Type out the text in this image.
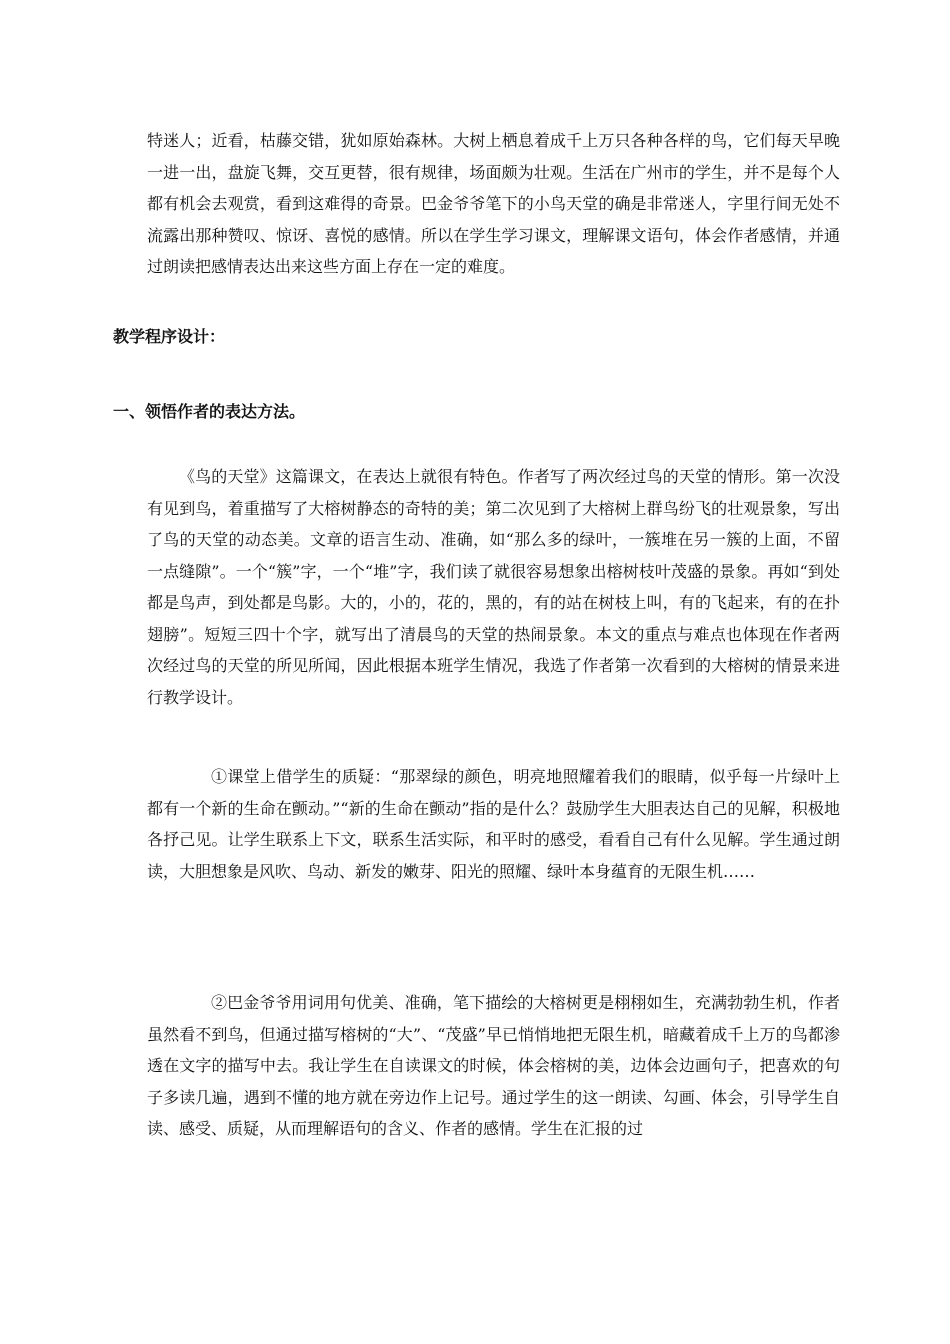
特迷人；近看，枯藤交错，犹如原始森林。大树上栖息着成千上万只各种各样的鸟，它们每天早晚一进一出，盘旋飞舞，交互更替，很有规律，场面颇为壮观。生活在广州市的学生，并不是每个人都有机会去观赏，看到这难得的奇景。巴金爷爷笔下的小鸟天堂的确是非常迷人，字里行间无处不流露出那种赞叹、惊讶、喜悦的感情。所以在学生学习课文，理解课文语句，体会作者感情，并通过朗读把感情表达出来这些方面上存在一定的难度。

教学程序设计：

一、领悟作者的表达方法。

《鸟的天堂》这篇课文，在表达上就很有特色。作者写了两次经过鸟的天堂的情形。第一次没有见到鸟，着重描写了大榕树静态的奇特的美；第二次见到了大榕树上群鸟纷飞的壮观景象，写出了鸟的天堂的动态美。文章的语言生动、准确，如“那么多的绿叶，一簇堆在另一簇的上面，不留一点缝隙”。一个“簇”字，一个“堆”字，我们读了就很容易想象出榕树枝叶茂盛的景象。再如“到处都是鸟声，到处都是鸟影。大的，小的，花的，黑的，有的站在树枝上叫，有的飞起来，有的在扑翅膀”。短短三四十个字，就写出了清晨鸟的天堂的热闹景象。本文的重点与难点也体现在作者两次经过鸟的天堂的所见所闻，因此根据本班学生情况，我选了作者第一次看到的大榕树的情景来进行教学设计。

①课堂上借学生的质疑：“那翠绿的颜色，明亮地照耀着我们的眼睛，似乎每一片绿叶上都有一个新的生命在颤动。”“新的生命在颤动”指的是什么？鼓励学生大胆表达自己的见解，积极地各抒己见。让学生联系上下文，联系生活实际，和平时的感受，看看自己有什么见解。学生通过朗读，大胆想象是风吹、鸟动、新发的嫩芽、阳光的照耀、绿叶本身蕴育的无限生机……

②巴金爷爷用词用句优美、准确，笔下描绘的大榕树更是栩栩如生，充满勃勃生机，作者虽然看不到鸟，但通过描写榕树的“大”、“茂盛”早已悄悄地把无限生机，暗藏着成千上万的鸟都渗透在文字的描写中去。我让学生在自读课文的时候，体会榕树的美，边体会边画句子，把喜欢的句子多读几遍，遇到不懂的地方就在旁边作上记号。通过学生的这一朗读、勾画、体会，引导学生自读、感受、质疑，从而理解语句的含义、作者的感情。学生在汇报的过
